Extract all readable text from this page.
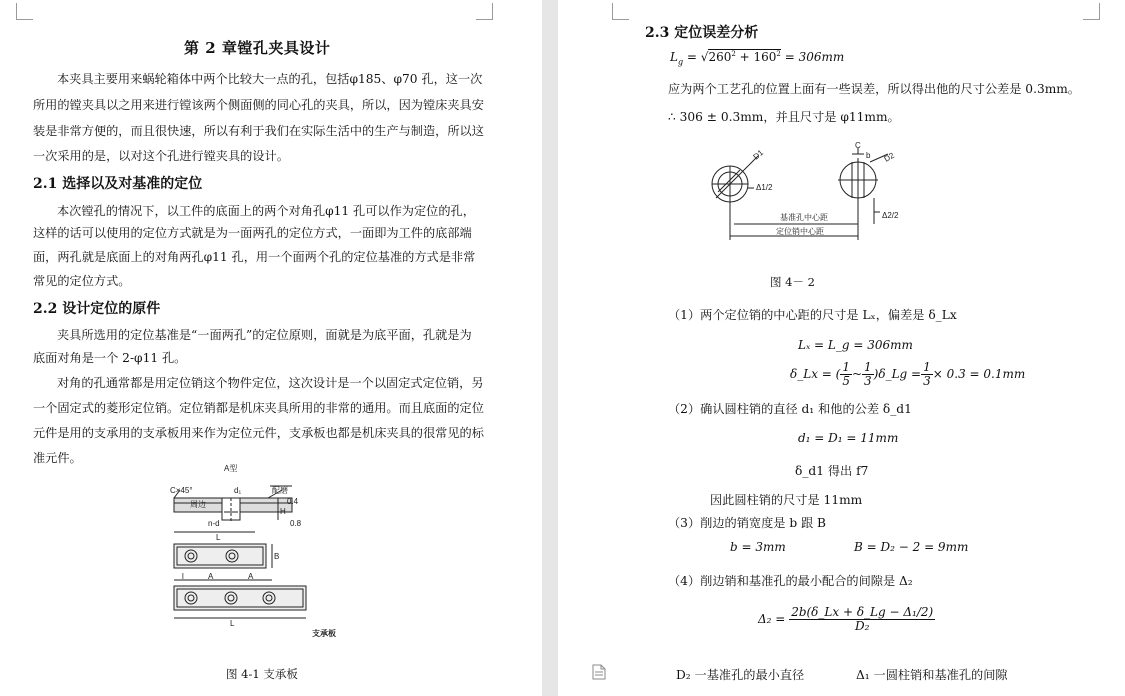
第 2 章镗孔夹具设计
本夹具主要用来蜗轮箱体中两个比较大一点的孔，包括φ185、φ70 孔，这一次
所用的镗夹具以之用来进行镗该两个侧面侧的同心孔的夹具，所以，因为镗床夹具安
装是非常方便的，而且很快速，所以有利于我们在实际生活中的生产与制造，所以这
一次采用的是，以对这个孔进行镗夹具的设计。
2.1 选择以及对基准的定位
本次镗孔的情况下，以工件的底面上的两个对角孔φ11 孔可以作为定位的孔，
这样的话可以使用的定位方式就是为一面两孔的定位方式，一面即为工件的底部端
面，两孔就是底面上的对角两孔φ11 孔，用一个面两个孔的定位基准的方式是非常
常见的定位方式。
2.2 设计定位的原件
夹具所选用的定位基准是“一面两孔”的定位原则，面就是为底平面，孔就是为
底面对角是一个 2-φ11 孔。
对角的孔通常都是用定位销这个物件定位，这次设计是一个以固定式定位销，另
一个固定式的菱形定位销。定位销都是机床夹具所用的非常的通用。而且底面的定位
元件是用的支承用的支承板用来作为定位元件，支承板也都是机床夹具的很常见的标
准元件。
A型
C×45°
周边
d₁	配磨
0.4
H
n-d	0.8
L
B
l	A	A
L
支承板
图 4-1 支承板
2.3 定位误差分析
$L_g = √260^2 + 160^2 = 306mm$
应为两个工艺孔的位置上面有一些误差，所以得出他的尺寸公差是 0.3mm。
∴ 306 ± 0.3mm，并且尺寸是 φ11mm。
D1	D2
C
b
Δ1/2
Δ2/2
基准孔中心距
定位销中心距
图 4－ 2
（1）两个定位销的中心距的尺寸是 Lₓ，偏差是 δ_Lx
Lₓ = L_g = 306mm
δ_Lx = ( $\frac{1}{5}$ ~ $\frac{1}{3}$ )δ_Lg = $\frac{1}{3} \times 0.3 = 0.1mm$
（2）确认圆柱销的直径 d₁ 和他的公差 δ_d1
d₁ = D₁ = 11mm
δ_d1 得出 f7
因此圆柱销的尺寸是 11mm
（3）削边的销宽度是 b 跟 B
b = 3mm	B = D₂ − 2 = 9mm
（4）削边销和基准孔的最小配合的间隙是 Δ₂
$\Delta_2 = \frac{\text{2b(δ\_Lx + δ\_Lg − Δ₁/2)}}{\text{D₂}}$
D₂ 一基准孔的最小直径	Δ₁ 一圆柱销和基准孔的间隙
